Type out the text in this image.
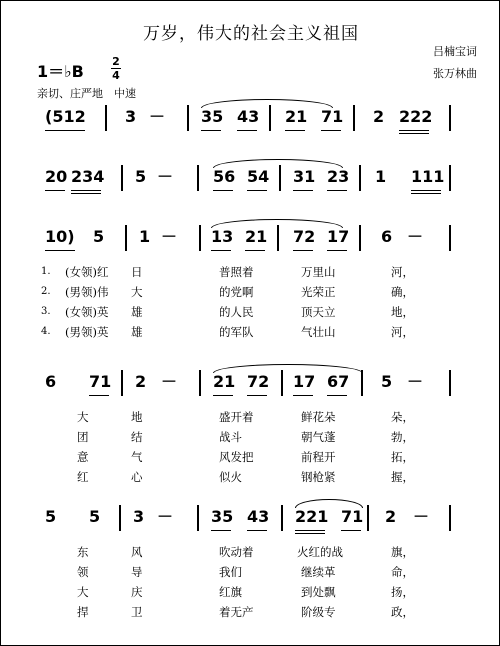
万岁，伟大的社会主义祖国
吕楠宝词
张万林曲
1＝♭B
2
4
亲切、庄严地　中速
(512 3 － 35 43 21 71 2 222
20 234 5 － 56 54 31 23 1 111
10) 5 1 － 13 21 72 17 6 －
1. (女领)红 日	普照着	万里山	河，
2. (男领)伟 大	的党啊	光荣正	确，
3. (女领)英 雄	的人民	顶天立	地，
4. (男领)英 雄	的军队	气壮山	河，
6 71 2 － 21 72 17 67 5 －
大	地	盛开着	鲜花朵	朵，
团	结	战斗	朝气蓬	勃，
意	气	风发把	前程开	拓，
红	心	似火	钢枪紧	握，
5 5 3 － 35 43 221 71 2 －
东	风	吹动着	火红的战	旗，
领	导	我们	继续革	命，
大	庆	红旗	到处飘	扬，
捍	卫	着无产	阶级专	政，
